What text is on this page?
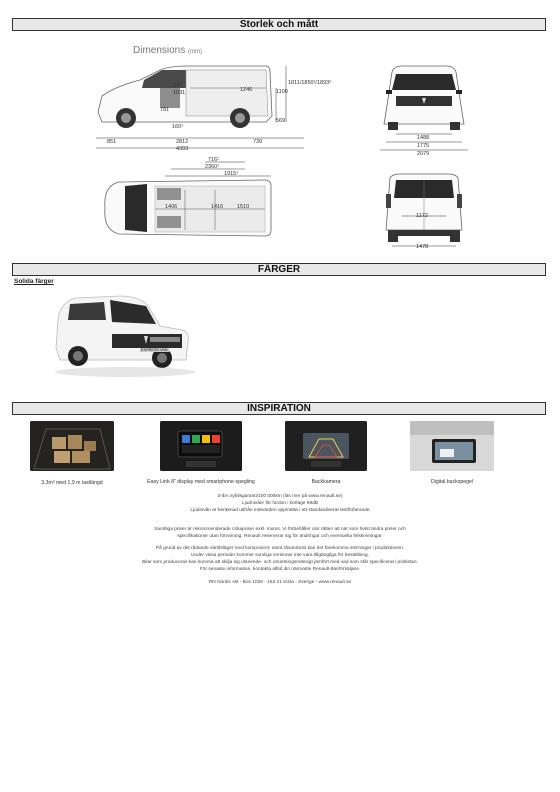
Storlek och mått
Dimensions (mm)
1811/1850¹/1893²
1100
569
1246
147
1031
781
160¹
851	2812	730
4393
1488
1775
2079
716¹
2360¹
1915¹
1406	1416	1510
1172
1478
FÄRGER
Solida färger
EXPRESS VAN
INSPIRATION
3,3m³ med 1,9 m lastlängd	Easy Link 8" display med smartphone-spegling	Backkamera	Digital backspegel
3-års nybilsgaranti/100 000km (läs mer på www.renault.se)
Ljudnivåer för fordon i körläge 69dB
Ljudnivån är beräknad utifrån mätvärden uppmätta i ett standardiserat testförfarande
Samtliga priser är rekommenderade cirkapriser exkl. moms. Vi förbehåller oss rätten att när som helst ändra priser och
specifikationer utan förvarning. Renault reserverar sig för ändringar och eventuella felskrivningar.
På grund av det rådande världsläget med komponent- samt råvarubrist kan det förekomma störningar i produktionen.
Under vissa perioder kommer somliga versioner inte vara tillgängliga för beställning.
Bilar som produceras kan komma att skilja sig utseende- och utrustningsmässigt jämfört med vad som står specificerat i prislistan.
För senaste information, kontakta alltid din närmaste Renault-återförsäljare.
RN Nordic AB - Box 1028 - 164 21 Kista - Sverige - www.renault.se
